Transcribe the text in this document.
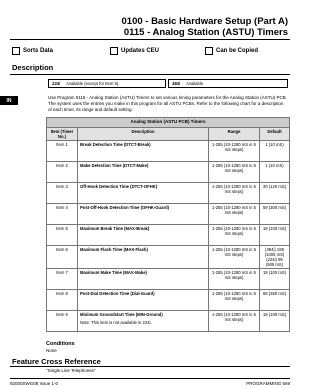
0100 - Basic Hardware Setup (Part A)
0115 - Analog Station (ASTU) Timers
Sorts Data	Updates CEU	Can be Copied
Description
224i Available (except for Item 9).	384i Available.
IN	Use Program 0115 - Analog Station (ASTU) Timers to set various timing parameters for the Analog Station (ASTU) PCB. The system uses the entries you make in this program for all ASTU PCBs. Refer to the following chart for a description of each timer, its range and default setting.
Analog Station (ASTU PCB) Timers			
Item (Timer No.)	Description	Range	Default
Item 1	Break Detection Time (DTCT-Break)	1-255 (10-1280 mS in 5 mS steps)	1 (10 mS)
Item 2	Make Detection Time (DTCT-Make)	1-255 (10-1280 mS in 5 mS steps)	1 (10 mS)
Item 3	Off-Hook Detection Time (DTCT-OFHK)	1-255 (10-1280 mS in 5 mS steps)	20 (120 mS)
Item 4	Post-Off-Hook Detection Time (OFHK-Guard)	1-255 (10-1280 mS in 5 mS steps)	59 (300 mS)
Item 5	Maximum Break Time (MAX-Break)	1-255 (10-1280 mS in 5 mS steps)	19 (100 mS)
Item 6	Maximum Flash Time (MAX-Flash)	1-255 (10-1280 mS in 5 mS steps)	(384i) 199 (1005 mS) (224i) 99 (505 mS)
Item 7	Maximum Make Time (MAX-Make)	1-255 (10-1280 mS in 5 mS steps)	19 (100 mS)
Item 8	Post-Dial Detection Time (Dial-Guard)	1-255 (10-1280 mS in 5 mS steps)	69 (350 mS)
Item 9	Minimum Groundstart Time (MIN-Ground)
Note: This item is not available in 224i.	1-255 (10-1280 mS in 5 mS steps)	19 (100 mS)
Conditions
None
Feature Cross Reference
"Single Line Telephones"
92000SWG08 Issue 1-0	PROGRAMMING 669
